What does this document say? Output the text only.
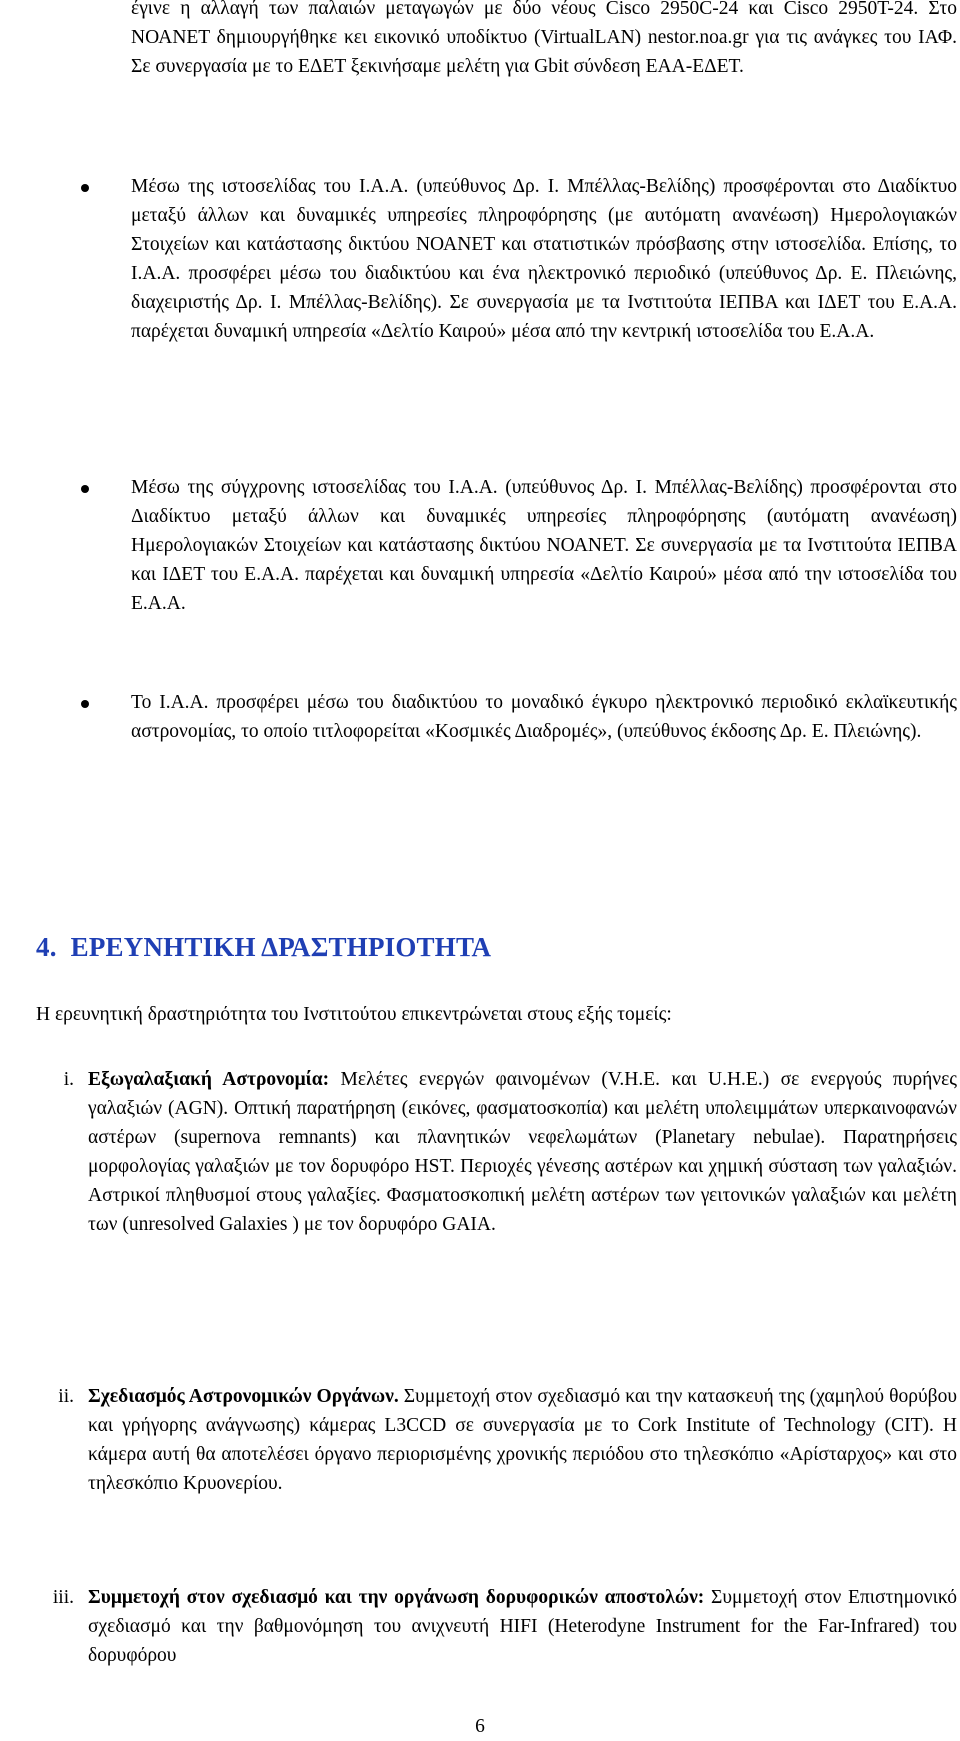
έγινε η αλλαγή των παλαιών μεταγωγών με δύο νέους Cisco 2950C-24 και Cisco 2950T-24. Στο ΝΟΑΝΕΤ δημιουργήθηκε κει εικονικό υποδίκτυο (VirtualLAN) nestor.noa.gr για τις ανάγκες του ΙΑΦ. Σε συνεργασία με το ΕΔΕΤ ξεκινήσαμε μελέτη για Gbit σύνδεση ΕΑΑ-ΕΔΕΤ.
Μέσω της ιστοσελίδας του Ι.Α.Α. (υπεύθυνος Δρ. Ι. Μπέλλας-Βελίδης) προσφέρονται στο Διαδίκτυο μεταξύ άλλων και δυναμικές υπηρεσίες πληροφόρησης (με αυτόματη ανανέωση) Ημερολογιακών Στοιχείων και κατάστασης δικτύου ΝΟΑΝΕΤ και στατιστικών πρόσβασης στην ιστοσελίδα. Επίσης, το Ι.Α.Α. προσφέρει μέσω του διαδικτύου και ένα ηλεκτρονικό περιοδικό (υπεύθυνος Δρ. Ε. Πλειώνης, διαχειριστής Δρ. Ι. Μπέλλας-Βελίδης). Σε συνεργασία με τα Ινστιτούτα ΙΕΠΒΑ και ΙΔΕΤ του Ε.Α.Α. παρέχεται δυναμική υπηρεσία «Δελτίο Καιρού» μέσα από την κεντρική ιστοσελίδα του Ε.Α.Α.
Μέσω της σύγχρονης ιστοσελίδας του Ι.Α.Α. (υπεύθυνος Δρ. Ι. Μπέλλας-Βελίδης) προσφέρονται στο Διαδίκτυο μεταξύ άλλων και δυναμικές υπηρεσίες πληροφόρησης (αυτόματη ανανέωση) Ημερολογιακών Στοιχείων και κατάστασης δικτύου ΝΟΑΝΕΤ. Σε συνεργασία με τα Ινστιτούτα ΙΕΠΒΑ και ΙΔΕΤ του Ε.Α.Α. παρέχεται και δυναμική υπηρεσία «Δελτίο Καιρού» μέσα από την ιστοσελίδα του Ε.Α.Α.
Το Ι.Α.Α. προσφέρει μέσω του διαδικτύου το μοναδικό έγκυρο ηλεκτρονικό περιοδικό εκλαϊκευτικής αστρονομίας, το οποίο τιτλοφορείται «Κοσμικές Διαδρομές», (υπεύθυνος έκδοσης Δρ. Ε. Πλειώνης).
4. ΕΡΕΥΝΗΤΙΚΗ ΔΡΑΣΤΗΡΙΟΤΗΤΑ
Η ερευνητική δραστηριότητα του Ινστιτούτου επικεντρώνεται στους εξής τομείς:
i. Εξωγαλαξιακή Αστρονομία: Μελέτες ενεργών φαινομένων (V.H.E. και U.H.E.) σε ενεργούς πυρήνες γαλαξιών (AGN). Οπτική παρατήρηση (εικόνες, φασματοσκοπία) και μελέτη υπολειμμάτων υπερκαινοφανών αστέρων (supernova remnants) και πλανητικών νεφελωμάτων (Planetary nebulae). Παρατηρήσεις μορφολογίας γαλαξιών με τον δορυφόρο HST. Περιοχές γένεσης αστέρων και χημική σύσταση των γαλαξιών. Αστρικοί πληθυσμοί στους γαλαξίες. Φασματοσκοπική μελέτη αστέρων των γειτονικών γαλαξιών και μελέτη των (unresolved Galaxies ) με τον δορυφόρο GAIA.
ii. Σχεδιασμός Αστρονομικών Οργάνων. Συμμετοχή στον σχεδιασμό και την κατασκευή της (χαμηλού θορύβου και γρήγορης ανάγνωσης) κάμερας L3CCD σε συνεργασία με το Cork Institute of Technology (CIT). Η κάμερα αυτή θα αποτελέσει όργανο περιορισμένης χρονικής περιόδου στο τηλεσκόπιο «Αρίσταρχος» και στο τηλεσκόπιο Κρυονερίου.
iii. Συμμετοχή στον σχεδιασμό και την οργάνωση δορυφορικών αποστολών: Συμμετοχή στον Επιστημονικό σχεδιασμό και την βαθμονόμηση του ανιχνευτή HIFI (Heterodyne Instrument for the Far-Infrared) του δορυφόρου
6
